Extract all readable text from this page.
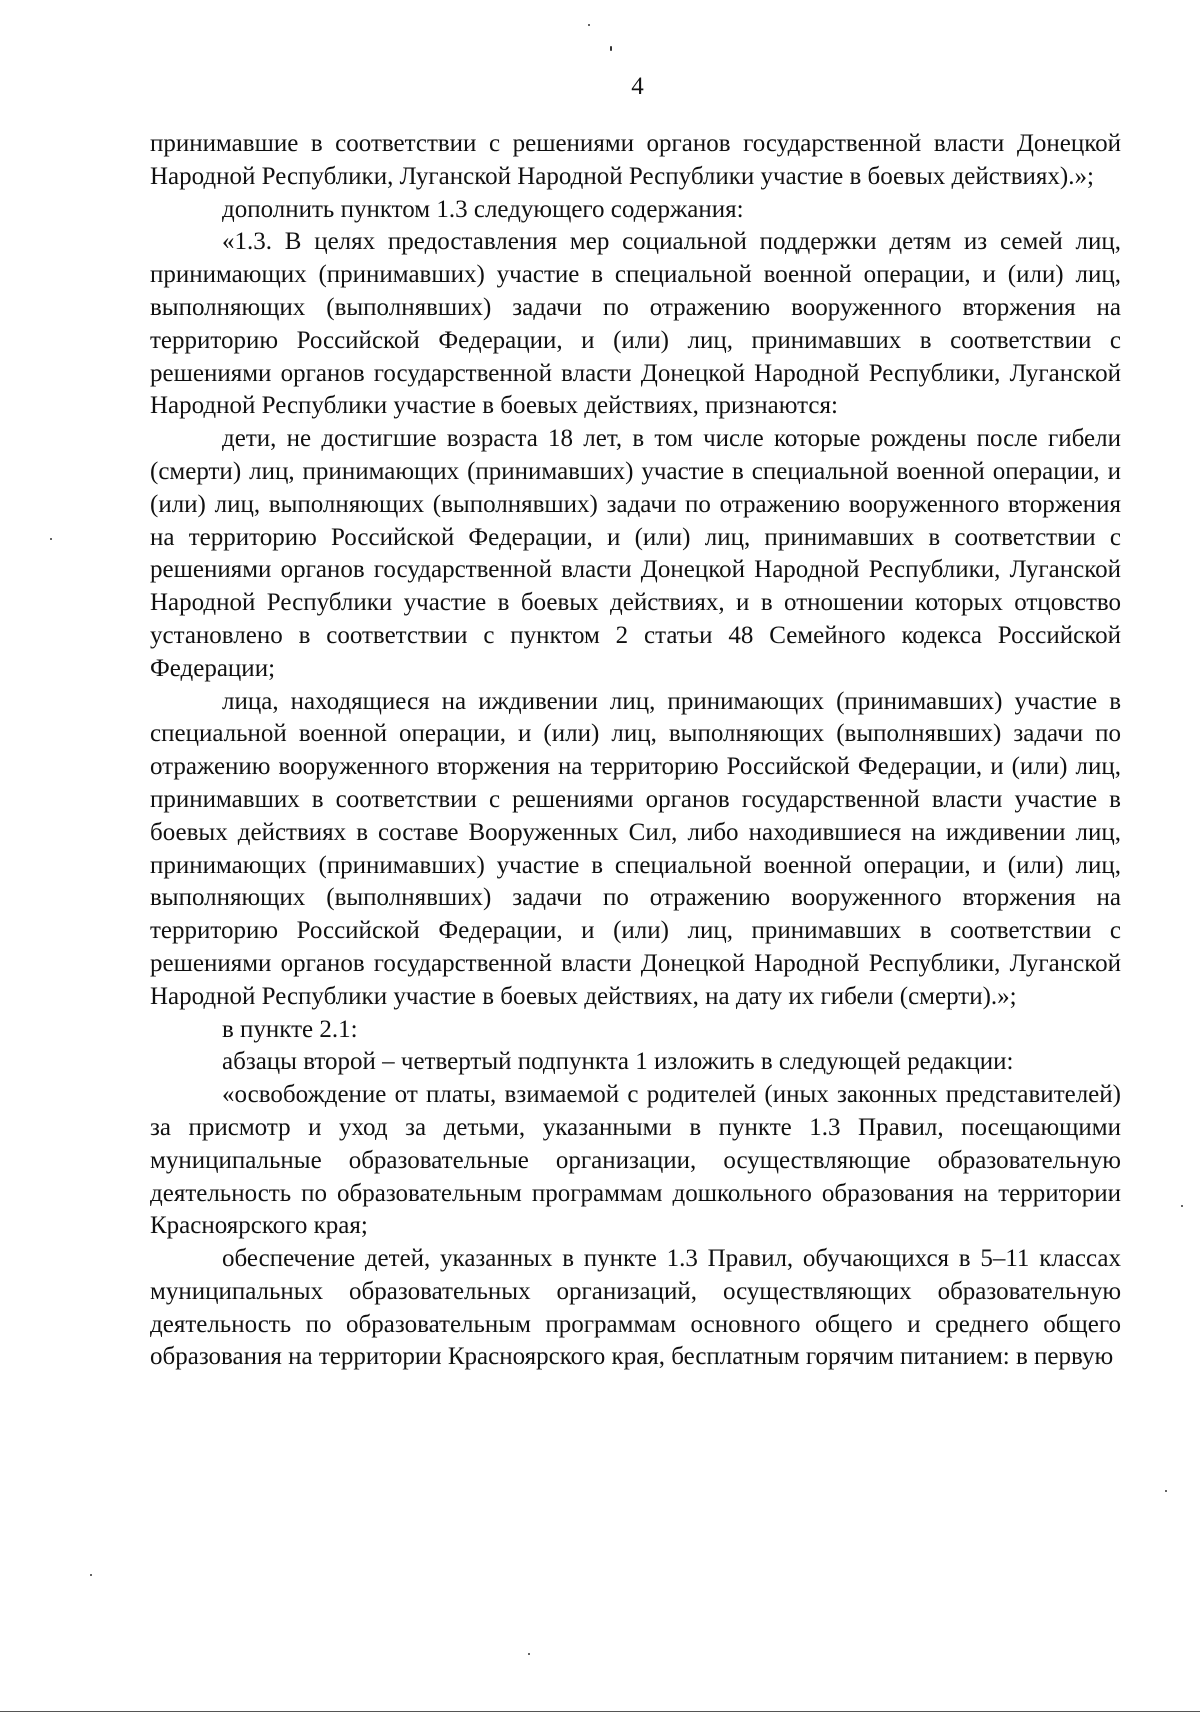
4

принимавшие в соответствии с решениями органов государственной власти Донецкой Народной Республики, Луганской Народной Республики участие в боевых действиях).»;

дополнить пунктом 1.3 следующего содержания:

«1.3. В целях предоставления мер социальной поддержки детям из семей лиц, принимающих (принимавших) участие в специальной военной операции, и (или) лиц, выполняющих (выполнявших) задачи по отражению вооруженного вторжения на территорию Российской Федерации, и (или) лиц, принимавших в соответствии с решениями органов государственной власти Донецкой Народной Республики, Луганской Народной Республики участие в боевых действиях, признаются:

дети, не достигшие возраста 18 лет, в том числе которые рождены после гибели (смерти) лиц, принимающих (принимавших) участие в специальной военной операции, и (или) лиц, выполняющих (выполнявших) задачи по отражению вооруженного вторжения на территорию Российской Федерации, и (или) лиц, принимавших в соответствии с решениями органов государственной власти Донецкой Народной Республики, Луганской Народной Республики участие в боевых действиях, и в отношении которых отцовство установлено в соответствии с пунктом 2 статьи 48 Семейного кодекса Российской Федерации;

лица, находящиеся на иждивении лиц, принимающих (принимавших) участие в специальной военной операции, и (или) лиц, выполняющих (выполнявших) задачи по отражению вооруженного вторжения на территорию Российской Федерации, и (или) лиц, принимавших в соответствии с решениями органов государственной власти участие в боевых действиях в составе Вооруженных Сил, либо находившиеся на иждивении лиц, принимающих (принимавших) участие в специальной военной операции, и (или) лиц, выполняющих (выполнявших) задачи по отражению вооруженного вторжения на территорию Российской Федерации, и (или) лиц, принимавших в соответствии с решениями органов государственной власти Донецкой Народной Республики, Луганской Народной Республики участие в боевых действиях, на дату их гибели (смерти).»;

в пункте 2.1:

абзацы второй – четвертый подпункта 1 изложить в следующей редакции:

«освобождение от платы, взимаемой с родителей (иных законных представителей) за присмотр и уход за детьми, указанными в пункте 1.3 Правил, посещающими муниципальные образовательные организации, осуществляющие образовательную деятельность по образовательным программам дошкольного образования на территории Красноярского края;

обеспечение детей, указанных в пункте 1.3 Правил, обучающихся в 5–11 классах муниципальных образовательных организаций, осуществляющих образовательную деятельность по образовательным программам основного общего и среднего общего образования на территории Красноярского края, бесплатным горячим питанием: в первую
